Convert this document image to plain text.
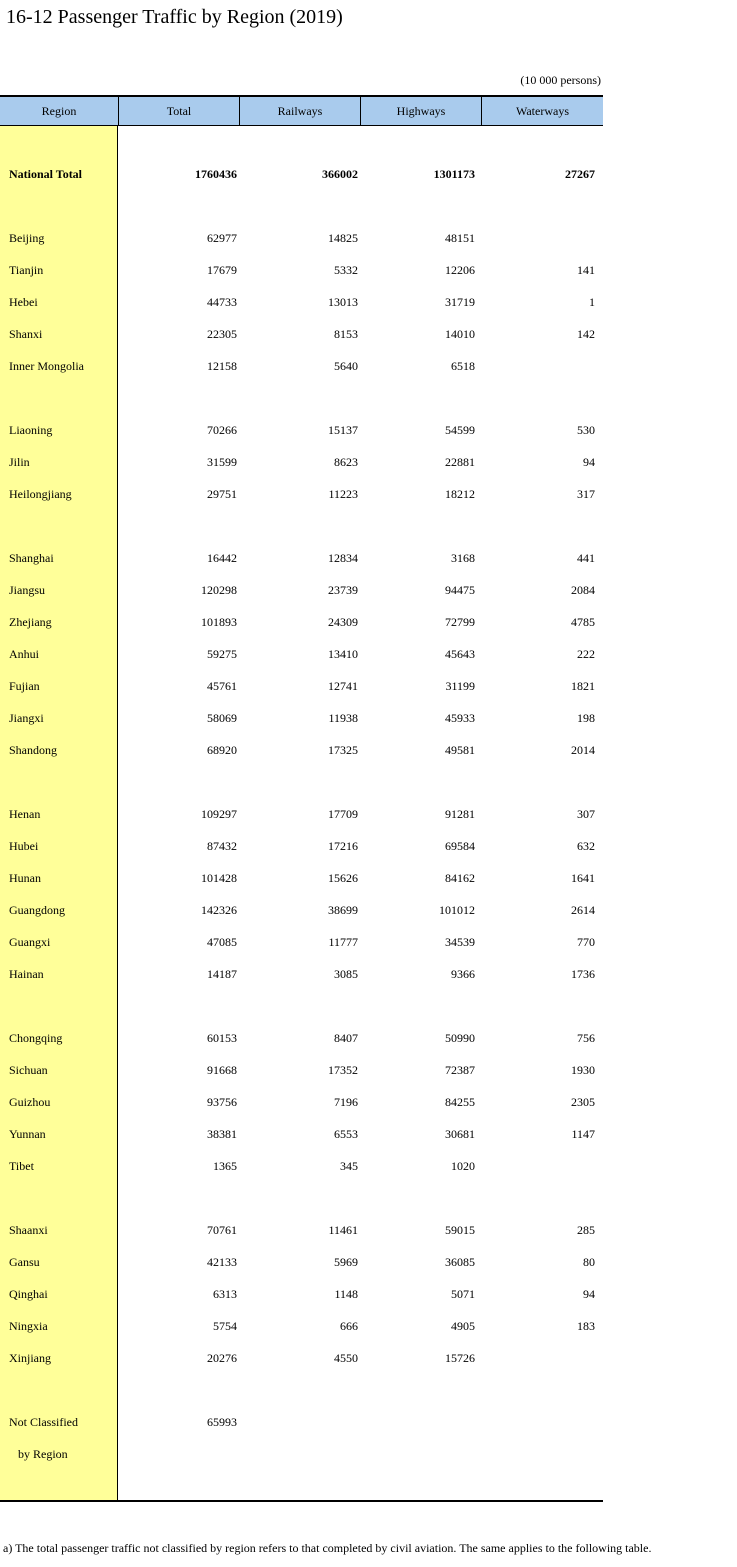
16-12 Passenger Traffic by Region (2019)
(10 000 persons)
Region	Total	Railways	Highways	Waterways
National Total	1760436	366002	1301173	27267
Beijing	62977	14825	48151
Tianjin	17679	5332	12206	141
Hebei	44733	13013	31719	1
Shanxi	22305	8153	14010	142
Inner Mongolia	12158	5640	6518
Liaoning	70266	15137	54599	530
Jilin	31599	8623	22881	94
Heilongjiang	29751	11223	18212	317
Shanghai	16442	12834	3168	441
Jiangsu	120298	23739	94475	2084
Zhejiang	101893	24309	72799	4785
Anhui	59275	13410	45643	222
Fujian	45761	12741	31199	1821
Jiangxi	58069	11938	45933	198
Shandong	68920	17325	49581	2014
Henan	109297	17709	91281	307
Hubei	87432	17216	69584	632
Hunan	101428	15626	84162	1641
Guangdong	142326	38699	101012	2614
Guangxi	47085	11777	34539	770
Hainan	14187	3085	9366	1736
Chongqing	60153	8407	50990	756
Sichuan	91668	17352	72387	1930
Guizhou	93756	7196	84255	2305
Yunnan	38381	6553	30681	1147
Tibet	1365	345	1020
Shaanxi	70761	11461	59015	285
Gansu	42133	5969	36085	80
Qinghai	6313	1148	5071	94
Ningxia	5754	666	4905	183
Xinjiang	20276	4550	15726
Not Classified	65993
by Region
a) The total passenger traffic not classified by region refers to that completed by civil aviation. The same applies to the following table.
